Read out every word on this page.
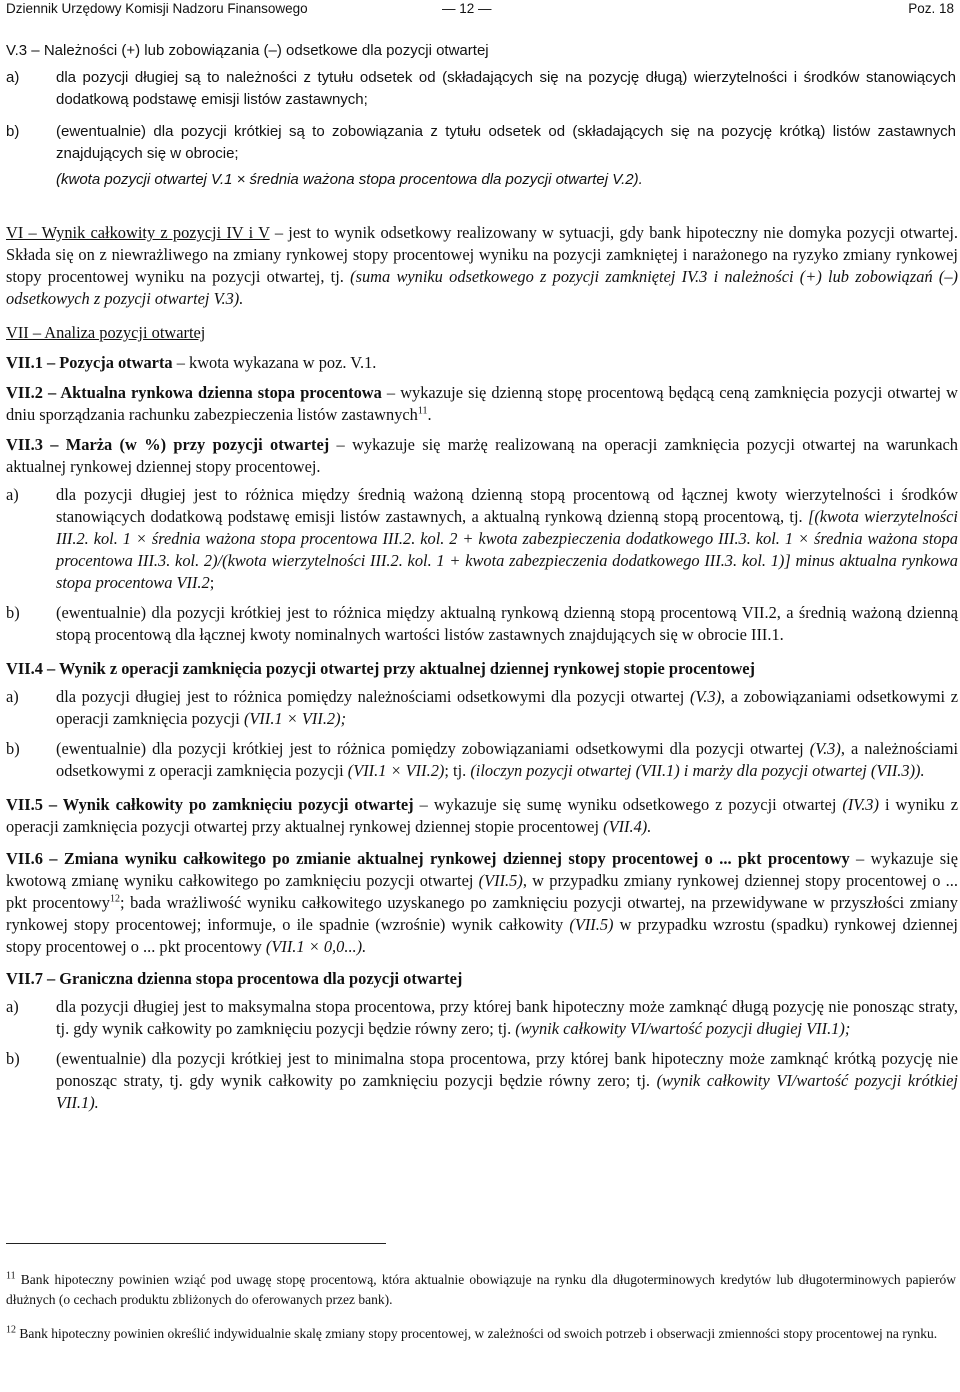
Dziennik Urzędowy Komisji Nadzoru Finansowego	— 12 —	Poz. 18

V.3 – Należności (+) lub zobowiązania (–) odsetkowe dla pozycji otwartej

a)	dla pozycji długiej są to należności z tytułu odsetek od (składających się na pozycję długą) wierzytelności i środków stanowiących dodatkową podstawę emisji listów zastawnych;
b)	(ewentualnie) dla pozycji krótkiej są to zobowiązania z tytułu odsetek od (składających się na pozycję krótką) listów zastawnych znajdujących się w obrocie;
(kwota pozycji otwartej V.1 × średnia ważona stopa procentowa dla pozycji otwartej V.2).

VI – Wynik całkowity z pozycji IV i V – jest to wynik odsetkowy realizowany w sytuacji, gdy bank hipoteczny nie domyka pozycji otwartej. Składa się on z niewrażliwego na zmiany rynkowej stopy procentowej wyniku na pozycji zamkniętej i narażonego na ryzyko zmiany rynkowej stopy procentowej wyniku na pozycji otwartej, tj. (suma wyniku odsetkowego z pozycji zamkniętej IV.3 i należności (+) lub zobowiązań (–) odsetkowych z pozycji otwartej V.3).

VII – Analiza pozycji otwartej

VII.1 – Pozycja otwarta – kwota wykazana w poz. V.1.

VII.2 – Aktualna rynkowa dzienna stopa procentowa – wykazuje się dzienną stopę procentową będącą ceną zamknięcia pozycji otwartej w dniu sporządzania rachunku zabezpieczenia listów zastawnych$^{11}$.

VII.3 – Marża (w %) przy pozycji otwartej – wykazuje się marżę realizowaną na operacji zamknięcia pozycji otwartej na warunkach aktualnej rynkowej dziennej stopy procentowej.

a)	dla pozycji długiej jest to różnica między średnią ważoną dzienną stopą procentową od łącznej kwoty wierzytelności i środków stanowiących dodatkową podstawę emisji listów zastawnych, a aktualną rynkową dzienną stopą procentową, tj. [(kwota wierzytelności III.2. kol. 1 × średnia ważona stopa procentowa III.2. kol. 2 + kwota zabezpieczenia dodatkowego III.3. kol. 1 × średnia ważona stopa procentowa III.3. kol. 2)/(kwota wierzytelności III.2. kol. 1 + kwota zabezpieczenia dodatkowego III.3. kol. 1)] minus aktualna rynkowa stopa procentowa VII.2;
b)	(ewentualnie) dla pozycji krótkiej jest to różnica między aktualną rynkową dzienną stopą procentową VII.2, a średnią ważoną dzienną stopą procentową dla łącznej kwoty nominalnych wartości listów zastawnych znajdujących się w obrocie III.1.

VII.4 – Wynik z operacji zamknięcia pozycji otwartej przy aktualnej dziennej rynkowej stopie procentowej

a)	dla pozycji długiej jest to różnica pomiędzy należnościami odsetkowymi dla pozycji otwartej (V.3), a zobowiązaniami odsetkowymi z operacji zamknięcia pozycji (VII.1 × VII.2);
b)	(ewentualnie) dla pozycji krótkiej jest to różnica pomiędzy zobowiązaniami odsetkowymi dla pozycji otwartej (V.3), a należnościami odsetkowymi z operacji zamknięcia pozycji (VII.1 × VII.2); tj. (iloczyn pozycji otwartej (VII.1) i marży dla pozycji otwartej (VII.3)).

VII.5 – Wynik całkowity po zamknięciu pozycji otwartej – wykazuje się sumę wyniku odsetkowego z pozycji otwartej (IV.3) i wyniku z operacji zamknięcia pozycji otwartej przy aktualnej rynkowej dziennej stopie procentowej (VII.4).

VII.6 – Zmiana wyniku całkowitego po zmianie aktualnej rynkowej dziennej stopy procentowej o ... pkt procentowy – wykazuje się kwotową zmianę wyniku całkowitego po zamknięciu pozycji otwartej (VII.5), w przypadku zmiany rynkowej dziennej stopy procentowej o ... pkt procentowy$^{12}$; bada wrażliwość wyniku całkowitego uzyskanego po zamknięciu pozycji otwartej, na przewidywane w przyszłości zmiany rynkowej stopy procentowej; informuje, o ile spadnie (wzrośnie) wynik całkowity (VII.5) w przypadku wzrostu (spadku) rynkowej dziennej stopy procentowej o ... pkt procentowy (VII.1 × 0,0...).

VII.7 – Graniczna dzienna stopa procentowa dla pozycji otwartej

a)	dla pozycji długiej jest to maksymalna stopa procentowa, przy której bank hipoteczny może zamknąć długą pozycję nie ponosząc straty, tj. gdy wynik całkowity po zamknięciu pozycji będzie równy zero; tj. (wynik całkowity VI/wartość pozycji długiej VII.1);
b)	(ewentualnie) dla pozycji krótkiej jest to minimalna stopa procentowa, przy której bank hipoteczny może zamknąć krótką pozycję nie ponosząc straty, tj. gdy wynik całkowity po zamknięciu pozycji będzie równy zero; tj. (wynik całkowity VI/wartość pozycji krótkiej VII.1).

$^{11}$ Bank hipoteczny powinien wziąć pod uwagę stopę procentową, która aktualnie obowiązuje na rynku dla długoterminowych kredytów lub długoterminowych papierów dłużnych (o cechach produktu zbliżonych do oferowanych przez bank).

$^{12}$ Bank hipoteczny powinien określić indywidualnie skalę zmiany stopy procentowej, w zależności od swoich potrzeb i obserwacji zmienności stopy procentowej na rynku.
